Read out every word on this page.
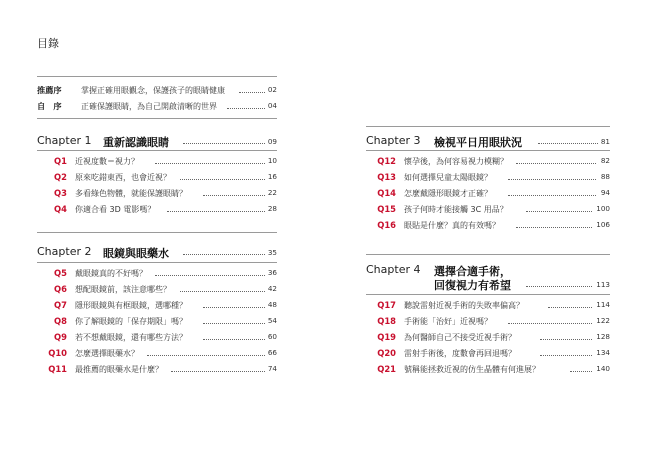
目錄
推薦序	掌握正確用眼觀念，保護孩子的眼睛健康	02
自　序	正確保護眼睛，為自己開啟清晰的世界	04
Chapter 1 重新認識眼睛	09
Q1 近視度數＝視力？	10
Q2 原來吃錯東西，也會近視？	16
Q3 多看綠色物體，就能保護眼睛？	22
Q4 你適合看 3D 電影嗎？	28
Chapter 2 眼鏡與眼藥水	35
Q5 戴眼鏡真的不好嗎？	36
Q6 想配眼鏡前，該注意哪些？	42
Q7 隱形眼鏡與有框眼鏡，選哪種？	48
Q8 你了解眼鏡的「保存期限」嗎？	54
Q9 若不想戴眼鏡，還有哪些方法？	60
Q10 怎麼選擇眼藥水？	66
Q11 最推薦的眼藥水是什麼？	74
Chapter 3 檢視平日用眼狀況	81
Q12 懷孕後，為何容易視力模糊？	82
Q13 如何選擇兒童太陽眼鏡？	88
Q14 怎麼戴隱形眼鏡才正確？	94
Q15 孩子何時才能接觸 3C 用品？	100
Q16 眼貼是什麼？真的有效嗎？	106
Chapter 4 選擇合適手術，
回復視力有希望	113
Q17 聽說雷射近視手術的失敗率偏高？	114
Q18 手術能「治好」近視嗎？	122
Q19 為何醫師自己不接受近視手術？	128
Q20 雷射手術後，度數會再回退嗎？	134
Q21 號稱能拯救近視的仿生晶體有何進展？	140
